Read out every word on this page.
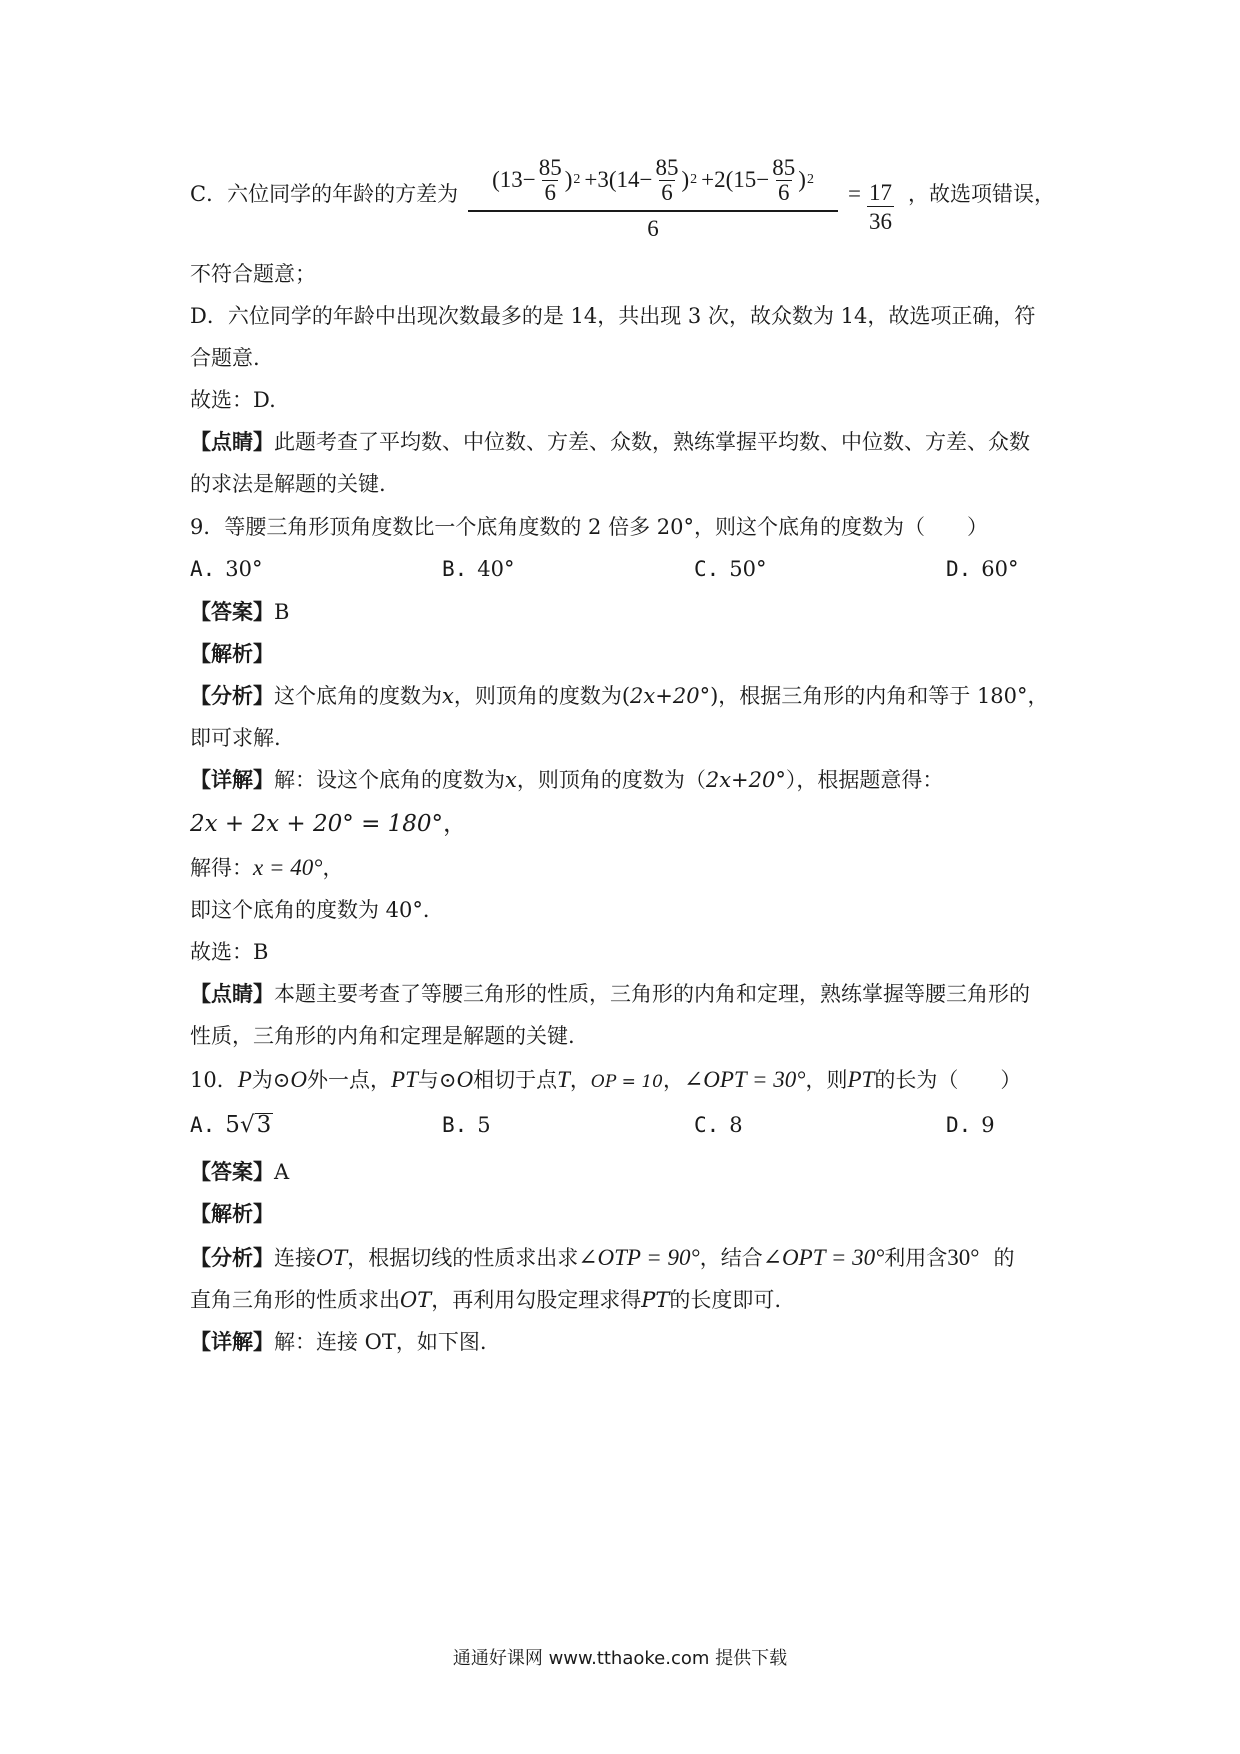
C．六位同学的年龄的方差为
($13- \frac{85}{6}$ ) $2 +3(14- \frac{85}{6}$ ) $2 +2(15- \frac{85}{6}$ ) 2
6
= $\frac{17}{36}$ ，故选项错误，
不符合题意；
D．六位同学的年龄中出现次数最多的是 14，共出现 3 次，故众数为 14，故选项正确，符
合题意.
故选：D.
【点睛】此题考查了平均数、中位数、方差、众数，熟练掌握平均数、中位数、方差、众数
的求法是解题的关键.
9．等腰三角形顶角度数比一个底角度数的 2 倍多 20°，则这个底角的度数为（　　）
A. 30°	B. 40°	C. 50°	D. 60°
【答案】B
【解析】
【分析】这个底角的度数为x，则顶角的度数为(2x+20°)，根据三角形的内角和等于 180°，
即可求解.
【详解】解：设这个底角的度数为x，则顶角的度数为（2x+20°），根据题意得：
2x + 2x + 20° = 180°，
解得：x = 40°，
即这个底角的度数为 40°．
故选：B
【点睛】本题主要考查了等腰三角形的性质，三角形的内角和定理，熟练掌握等腰三角形的
性质，三角形的内角和定理是解题的关键.
10．P为⊙O外一点，PT与⊙O相切于点T，OP = 10，∠OPT = 30°，则PT的长为（　　）
A. 5√3	B. 5	C. 8	D. 9
【答案】A
【解析】
【分析】连接OT，根据切线的性质求出求∠OTP = 90°，结合∠OPT = 30°利用含30° 的
直角三角形的性质求出OT，再利用勾股定理求得PT的长度即可.
【详解】解：连接 OT，如下图.
通通好课网 www.tthaoke.com 提供下载
